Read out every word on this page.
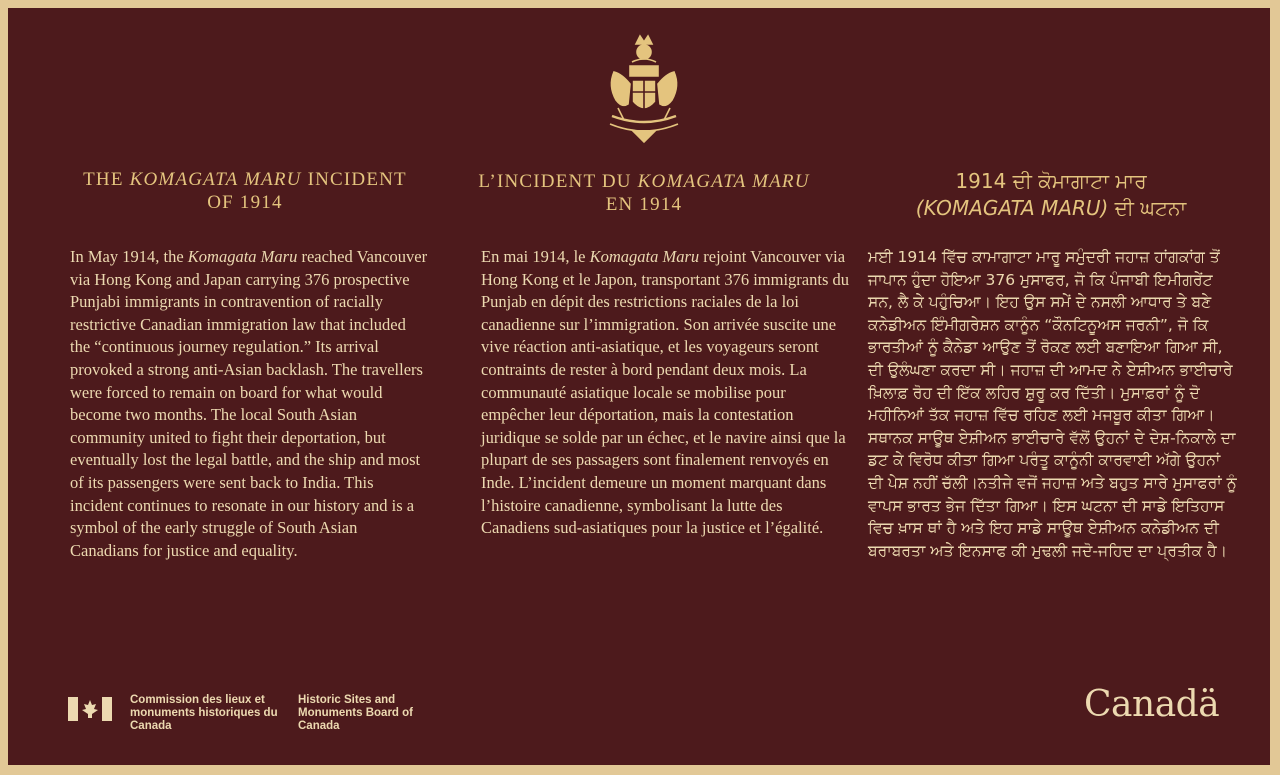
THE KOMAGATA MARU INCIDENT
OF 1914
In May 1914, the Komagata Maru reached Vancouver via Hong Kong and Japan carrying 376 prospective Punjabi immigrants in contravention of racially restrictive Canadian immigration law that included the “continuous journey regulation.” Its arrival provoked a strong anti-Asian backlash. The travellers were forced to remain on board for what would become two months. The local South Asian community united to fight their deportation, but eventually lost the legal battle, and the ship and most of its passengers were sent back to India. This incident continues to resonate in our history and is a symbol of the early struggle of South Asian Canadians for justice and equality.
L’INCIDENT DU KOMAGATA MARU
EN 1914
En mai 1914, le Komagata Maru rejoint Vancouver via Hong Kong et le Japon, transportant 376 immigrants du Punjab en dépit des restrictions raciales de la loi canadienne sur l’immigration. Son arrivée suscite une vive réaction anti-asiatique, et les voyageurs seront contraints de rester à bord pendant deux mois. La communauté asiatique locale se mobilise pour empêcher leur déportation, mais la contestation juridique se solde par un échec, et le navire ainsi que la plupart de ses passagers sont finalement renvoyés en Inde. L’incident demeure un moment marquant dans l’histoire canadienne, symbolisant la lutte des Canadiens sud-asiatiques pour la justice et l’égalité.
1914 ਦੀ ਕੋਮਾਗਾਟਾ ਮਾਰ
(KOMAGATA MARU) ਦੀ ਘਟਨਾ
ਮਈ 1914 ਵਿੱਚ ਕਾਮਾਗਾਟਾ ਮਾਰੂ ਸਮੁੰਦਰੀ ਜਹਾਜ਼ ਹਾਂਗਕਾਂਗ ਤੋਂ ਜਾਪਾਨ ਹੁੰਦਾ ਹੋਇਆ 376 ਮੁਸਾਫਰ, ਜੋ ਕਿ ਪੰਜਾਬੀ ਇਮੀਗਰੇਂਟ ਸਨ, ਲੈ ਕੇ ਪਹੁੰਚਿਆ। ਇਹ ਉਸ ਸਮੇਂ ਦੇ ਨਸਲੀ ਆਧਾਰ ਤੇ ਬਣੇ ਕਨੇਡੀਅਨ ਇੰਮੀਗਰੇਸ਼ਨ ਕਾਨੂੰਨ “ਕੌਨਟਿਨੂਅਸ ਜਰਨੀ”, ਜੋ ਕਿ ਭਾਰਤੀਆਂ ਨੂੰ ਕੈਨੇਡਾ ਆਉਣ ਤੋਂ ਰੋਕਣ ਲਈ ਬਣਾਇਆ ਗਿਆ ਸੀ, ਦੀ ਉਲੰਘਣਾ ਕਰਦਾ ਸੀ। ਜਹਾਜ਼ ਦੀ ਆਮਦ ਨੇ ਏਸ਼ੀਅਨ ਭਾਈਚਾਰੇ ਖ਼ਿਲਾਫ਼ ਰੋਹ ਦੀ ਇੱਕ ਲਹਿਰ ਸ਼ੁਰੂ ਕਰ ਦਿੱਤੀ। ਮੁਸਾਫ਼ਰਾਂ ਨੂੰ ਦੋ ਮਹੀਨਿਆਂ ਤੱਕ ਜਹਾਜ਼ ਵਿੱਚ ਰਹਿਣ ਲਈ ਮਜਬੂਰ ਕੀਤਾ ਗਿਆ। ਸਥਾਨਕ ਸਾਊਥ ਏਸ਼ੀਅਨ ਭਾਈਚਾਰੇ ਵੱਲੋਂ ਉਹਨਾਂ ਦੇ ਦੇਸ਼-ਨਿਕਾਲੇ ਦਾ ਡਟ ਕੇ ਵਿਰੋਧ ਕੀਤਾ ਗਿਆ ਪਰੰਤੂ ਕਾਨੂੰਨੀ ਕਾਰਵਾਈ ਅੱਗੇ ਉਹਨਾਂ ਦੀ ਪੇਸ਼ ਨਹੀਂ ਚੱਲੀ।ਨਤੀਜੇ ਵਜੋਂ ਜਹਾਜ਼ ਅਤੇ ਬਹੁਤ ਸਾਰੇ ਮੁਸਾਫਰਾਂ ਨੂੰ ਵਾਪਸ ਭਾਰਤ ਭੇਜ ਦਿੱਤਾ ਗਿਆ। ਇਸ ਘਟਨਾ ਦੀ ਸਾਡੇ ਇਤਿਹਾਸ ਵਿਚ ਖ਼ਾਸ ਥਾਂ ਹੈ ਅਤੇ ਇਹ ਸਾਡੇ ਸਾਊਥ ਏਸ਼ੀਅਨ ਕਨੇਡੀਅਨ ਦੀ ਬਰਾਬਰਤਾ ਅਤੇ ਇਨਸਾਫ ਕੀ ਮੁਢਲੀ ਜਦੋ-ਜਹਿਦ ਦਾ ਪ੍ਰਤੀਕ ਹੈ।
Commission des lieux et monuments historiques du Canada
Historic Sites and Monuments Board of Canada
Canadä
